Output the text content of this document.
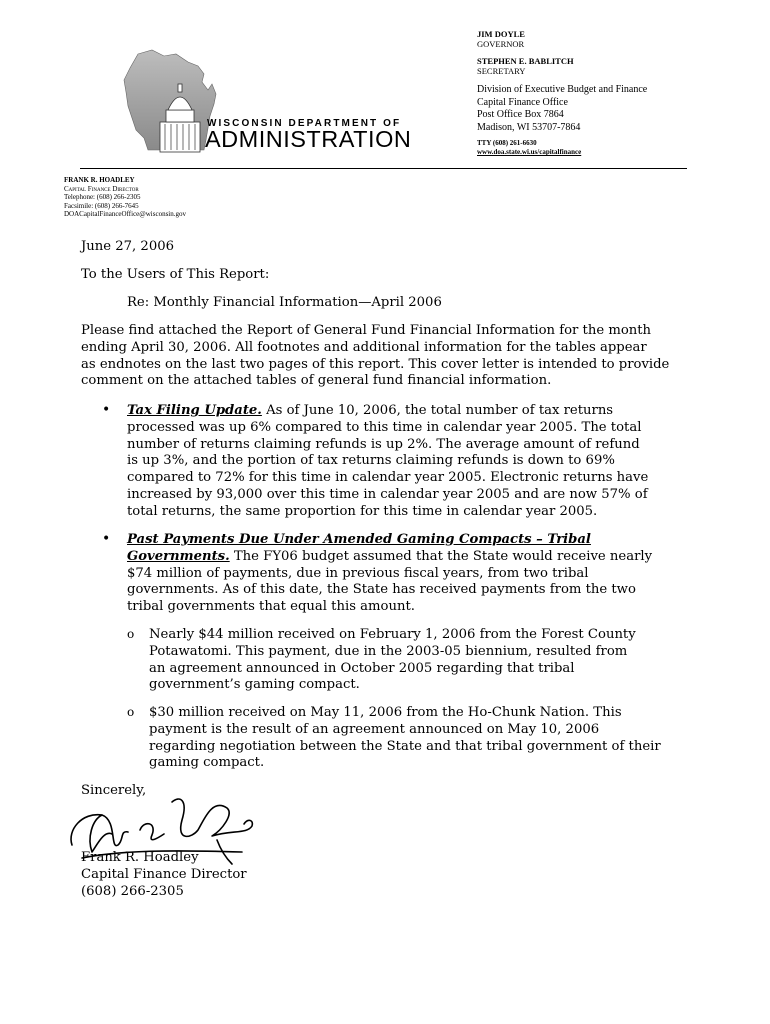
WISCONSIN DEPARTMENT OF
ADMINISTRATION
JIM DOYLE
GOVERNOR
STEPHEN E. BABLITCH
SECRETARY
Division of Executive Budget and Finance
Capital Finance Office
Post Office Box 7864
Madison, WI 53707-7864
TTY (608) 261-6630
www.doa.state.wi.us/capitalfinance
FRANK R. HOADLEY
Capital Finance Director
Telephone: (608) 266-2305
Facsimile: (608) 266-7645
DOACapitalFinanceOffice@wisconsin.gov
June 27, 2006
To the Users of This Report:
Re: Monthly Financial Information—April 2006
Please find attached the Report of General Fund Financial Information for the month
ending April 30, 2006. All footnotes and additional information for the tables appear
as endnotes on the last two pages of this report. This cover letter is intended to provide
comment on the attached tables of general fund financial information.
• Tax Filing Update. As of June 10, 2006, the total number of tax returns
processed was up 6% compared to this time in calendar year 2005. The total
number of returns claiming refunds is up 2%. The average amount of refund
is up 3%, and the portion of tax returns claiming refunds is down to 69%
compared to 72% for this time in calendar year 2005. Electronic returns have
increased by 93,000 over this time in calendar year 2005 and are now 57% of
total returns, the same proportion for this time in calendar year 2005.
• Past Payments Due Under Amended Gaming Compacts – Tribal
Governments. The FY06 budget assumed that the State would receive nearly
$74 million of payments, due in previous fiscal years, from two tribal
governments. As of this date, the State has received payments from the two
tribal governments that equal this amount.
o Nearly $44 million received on February 1, 2006 from the Forest County
Potawatomi. This payment, due in the 2003-05 biennium, resulted from
an agreement announced in October 2005 regarding that tribal
government’s gaming compact.
o $30 million received on May 11, 2006 from the Ho-Chunk Nation. This
payment is the result of an agreement announced on May 10, 2006
regarding negotiation between the State and that tribal government of their
gaming compact.
Sincerely,
Frank R. Hoadley
Capital Finance Director
(608) 266-2305
